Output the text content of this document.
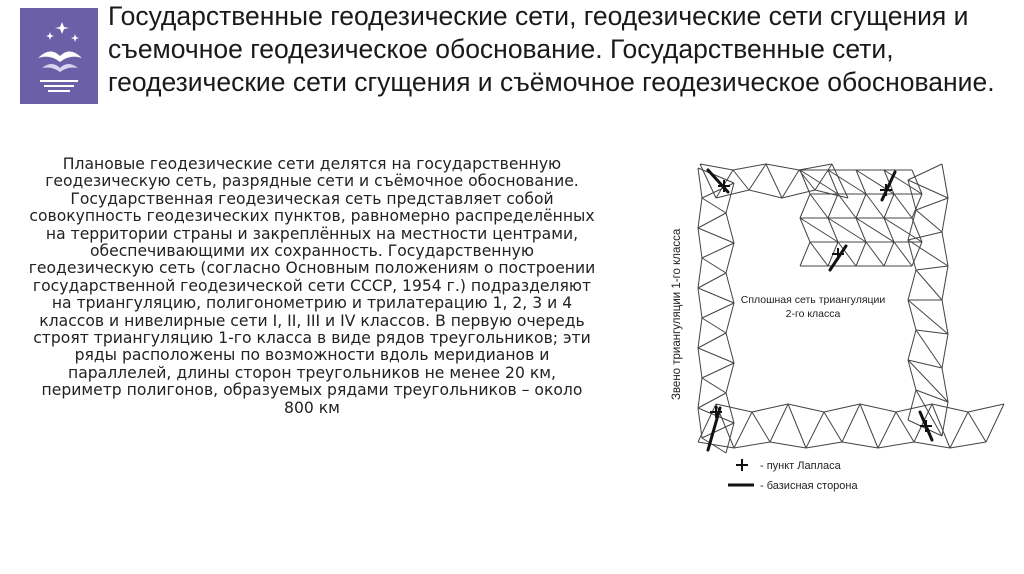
Государственные геодезические сети, геодезические сети сгущения и съемочное геодезическое обоснование. Государственные сети, геодезические сети сгущения и съёмочное геодезическое обоснование.
Плановые геодезические сети делятся на государственную геодезическую сеть, разрядные сети и съёмочное обоснование. Государственная геодезическая сеть представляет собой совокупность геодезических пунктов, равномерно распределённых на территории страны и закреплённых на местности центрами, обеспечивающими их сохранность. Государственную геодезическую сеть (согласно Основным положениям о построении государственной геодезической сети СССР, 1954 г.) подразделяют на триангуляцию, полигонометрию и трилатерацию 1, 2, 3 и 4 классов и нивелирные сети I, II, III и IV классов. В первую очередь строят триангуляцию 1-го класса в виде рядов треугольников; эти ряды расположены по возможности вдоль меридианов и параллелей, длины сторон треугольников не менее 20 км, периметр полигонов, образуемых рядами треугольников – около 800 км
Звено триангуляции 1-го класса	Сплошная сеть триангуляции
2-го класса
- пункт Лапласа
- базисная сторона
